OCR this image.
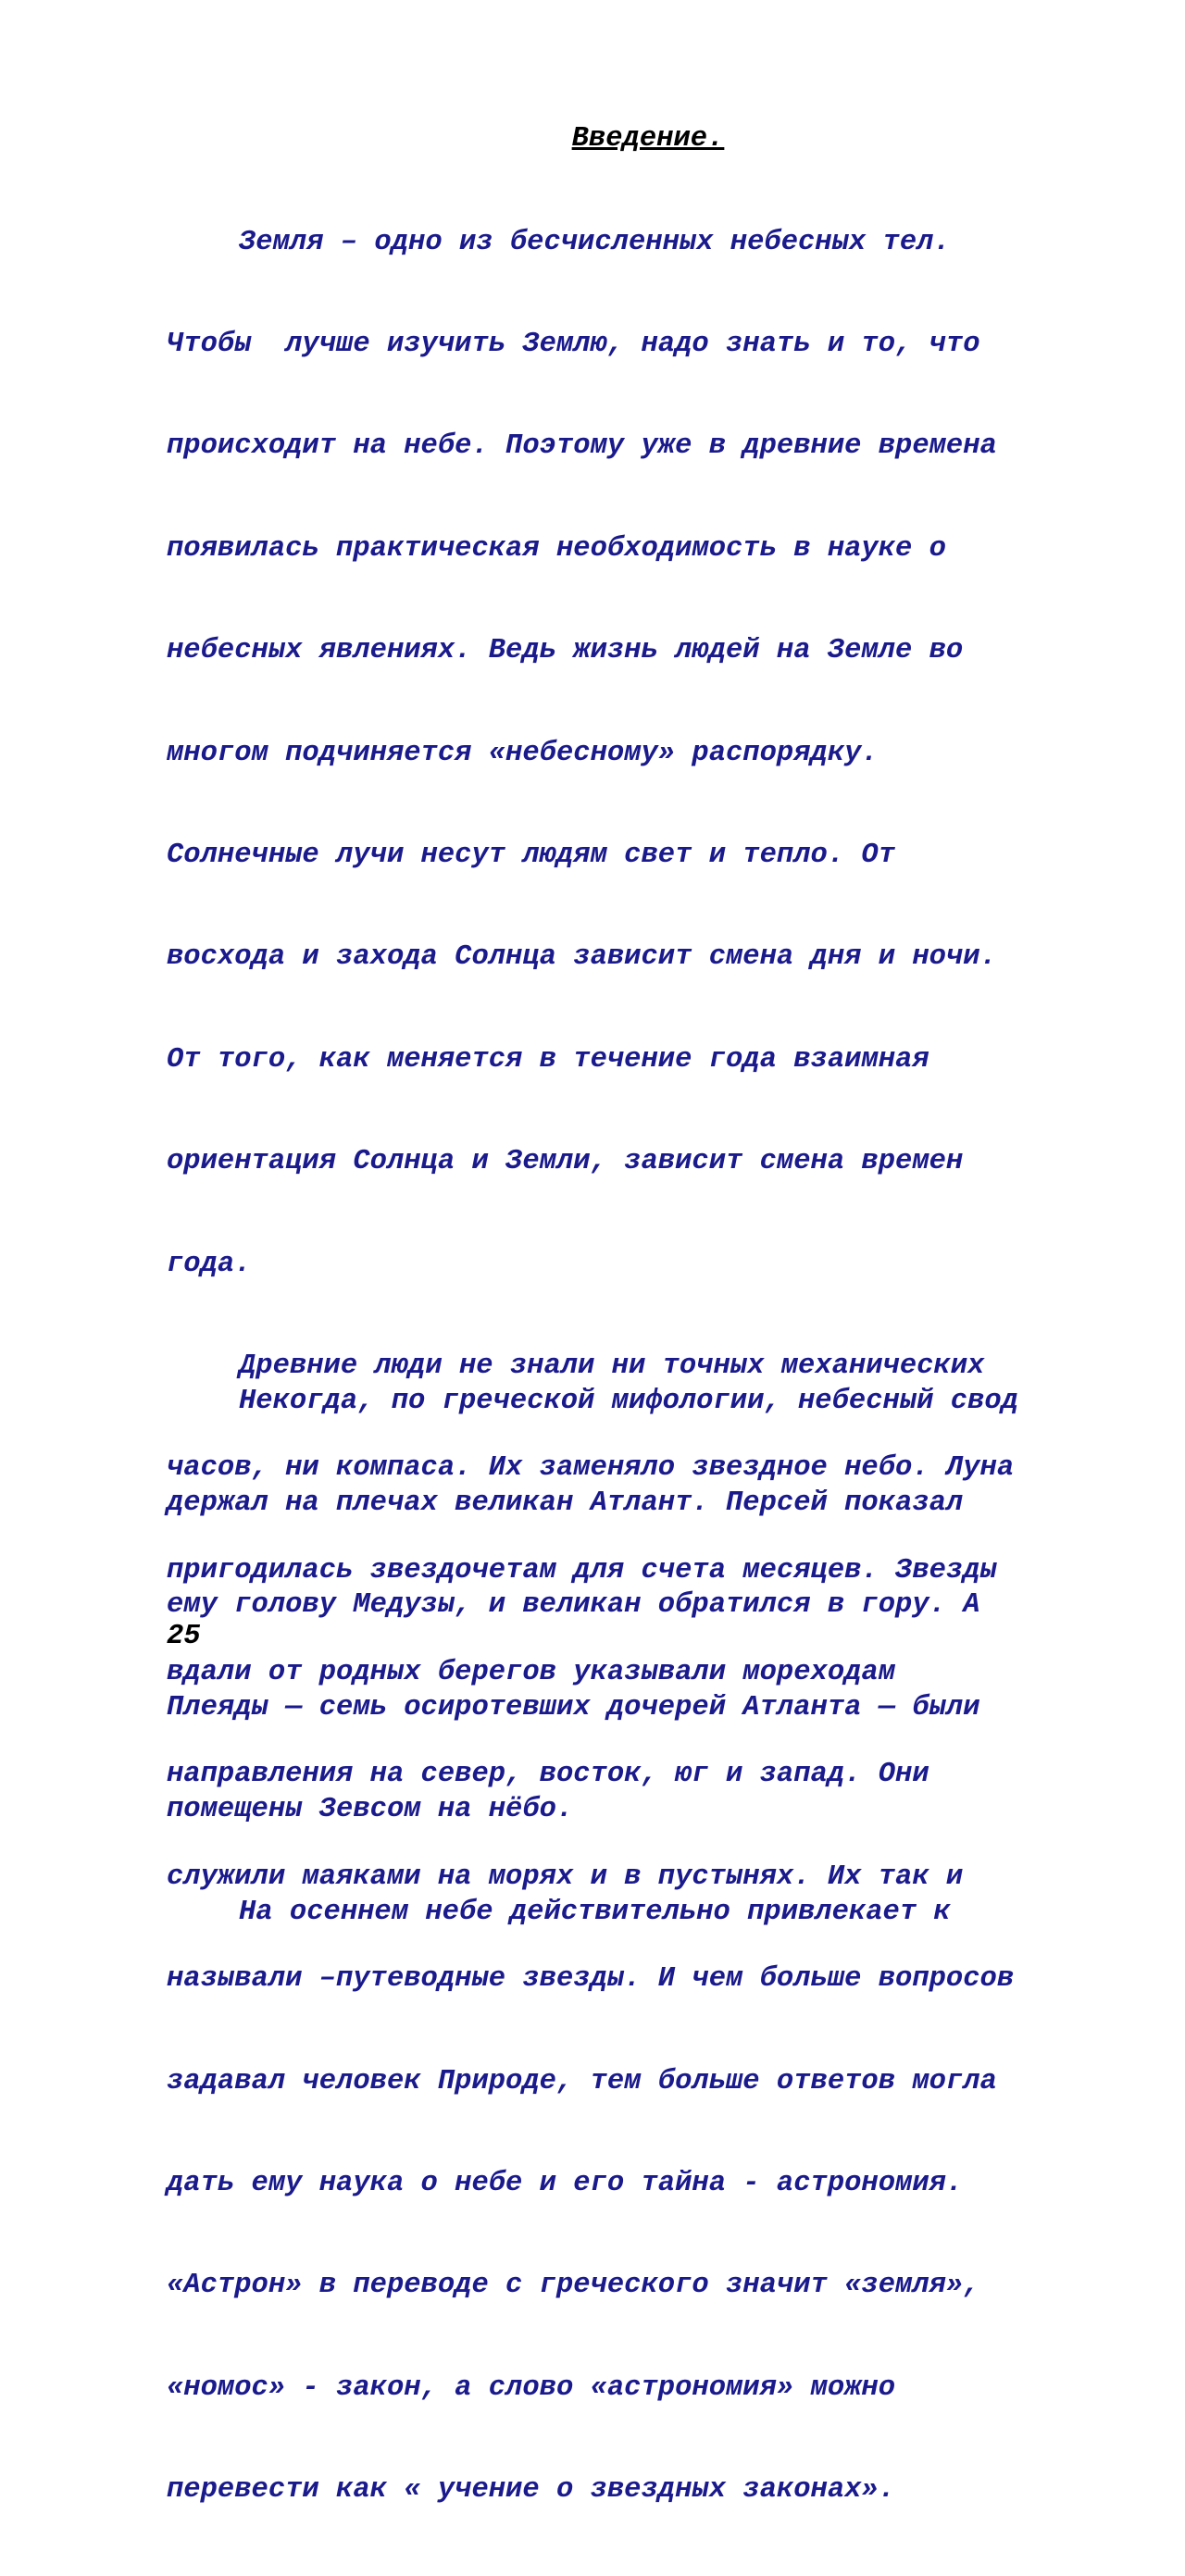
Введение.

Земля – одно из бесчисленных небесных тел.

Чтобы  лучше изучить Землю, надо знать и то, что

происходит на небе. Поэтому уже в древние времена

появилась практическая необходимость в науке о

небесных явлениях. Ведь жизнь людей на Земле во

многом подчиняется «небесному» распорядку.

Солнечные лучи несут людям свет и тепло. От

восхода и захода Солнца зависит смена дня и ночи.

От того, как меняется в течение года взаимная

ориентация Солнца и Земли, зависит смена времен

года.

Древние люди не знали ни точных механических

часов, ни компаса. Их заменяло звездное небо. Луна

пригодилась звездочетам для счета месяцев. Звезды

вдали от родных берегов указывали мореходам

направления на север, восток, юг и запад. Они

служили маяками на морях и в пустынях. Их так и

называли –путеводные звезды. И чем больше вопросов

задавал человек Природе, тем больше ответов могла

дать ему наука о небе и его тайна - астрономия.

«Астрон» в переводе с греческого значит «земля»,

«номос» - закон, а слово «астрономия» можно

перевести как « учение о звездных законах».

Некогда, по греческой мифологии, небесный свод

держал на плечах великан Атлант. Персей показал

ему голову Медузы, и великан обратился в гору. А

Плеяды — семь осиротевших дочерей Атланта — были

помещены Зевсом на нёбо.

На осеннем небе действительно привлекает к

25
